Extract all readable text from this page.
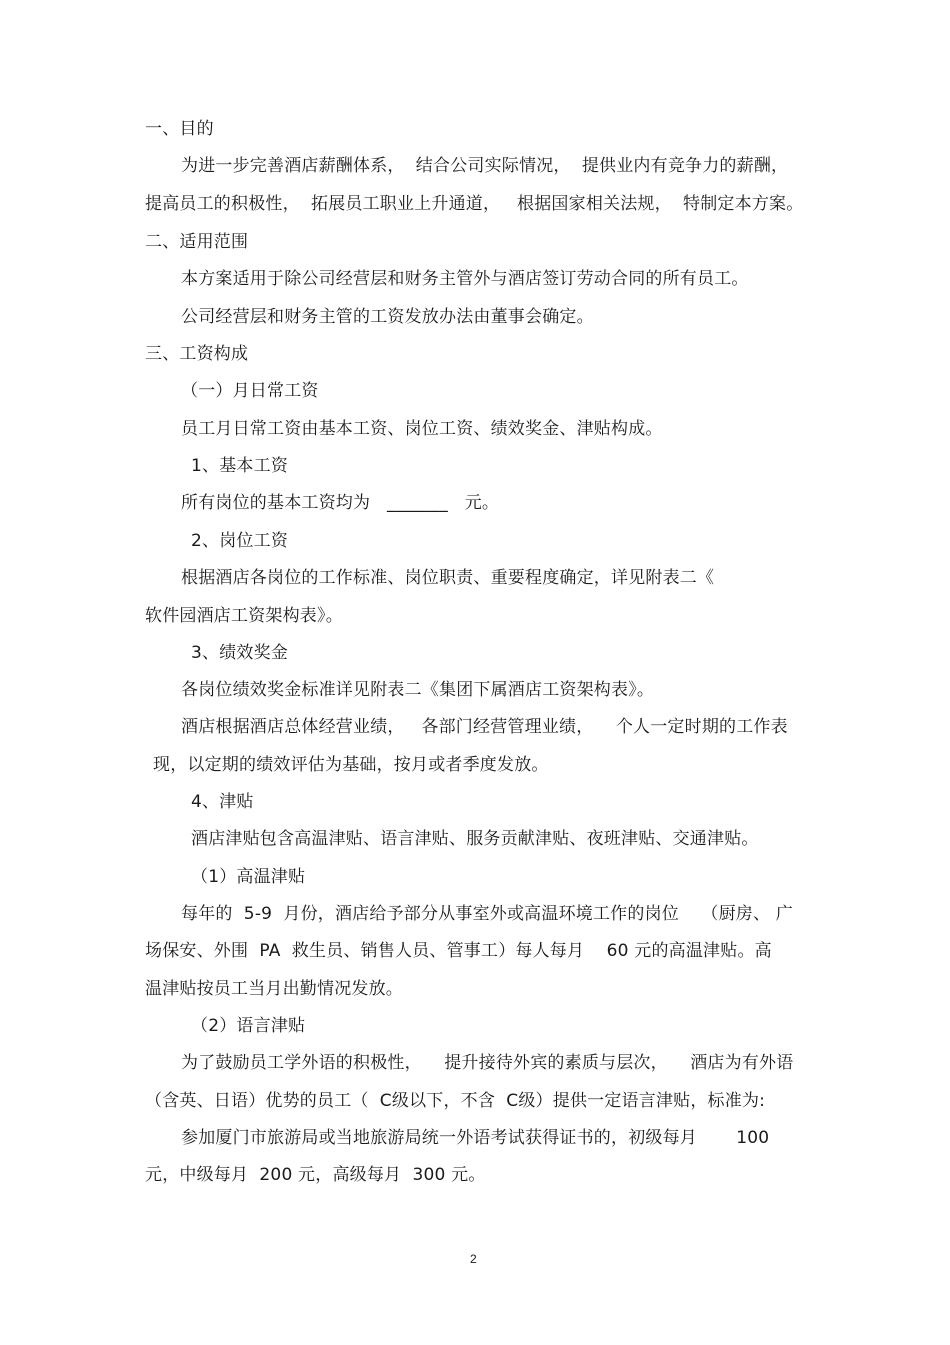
一、目的
为进一步完善酒店薪酬体系，  结合公司实际情况，  提供业内有竞争力的薪酬，
提高员工的积极性，  拓展员工职业上升通道，   根据国家相关法规，  特制定本方案。
二、适用范围
本方案适用于除公司经营层和财务主管外与酒店签订劳动合同的所有员工。
公司经营层和财务主管的工资发放办法由董事会确定。
三、工资构成
（一）月日常工资
员工月日常工资由基本工资、岗位工资、绩效奖金、津贴构成。
1、基本工资
所有岗位的基本工资均为   _______   元。
2、岗位工资
根据酒店各岗位的工作标准、岗位职责、重要程度确定，详见附表二《
软件园酒店工资架构表》。
3、绩效奖金
各岗位绩效奖金标准详见附表二《集团下属酒店工资架构表》。
酒店根据酒店总体经营业绩，   各部门经营管理业绩，    个人一定时期的工作表
现，以定期的绩效评估为基础，按月或者季度发放。
4、津贴
酒店津贴包含高温津贴、语言津贴、服务贡献津贴、夜班津贴、交通津贴。
（1）高温津贴
每年的  5-9  月份，酒店给予部分从事室外或高温环境工作的岗位    （厨房、 广
场保安、外围  PA  救生员、销售人员、管事工）每人每月    60 元的高温津贴。高
温津贴按员工当月出勤情况发放。
（2）语言津贴
为了鼓励员工学外语的积极性，    提升接待外宾的素质与层次，    酒店为有外语
（含英、日语）优势的员工（  C级以下，不含  C级）提供一定语言津贴，标准为:
参加厦门市旅游局或当地旅游局统一外语考试获得证书的，初级每月       100
元，中级每月  200 元，高级每月  300 元。
2
